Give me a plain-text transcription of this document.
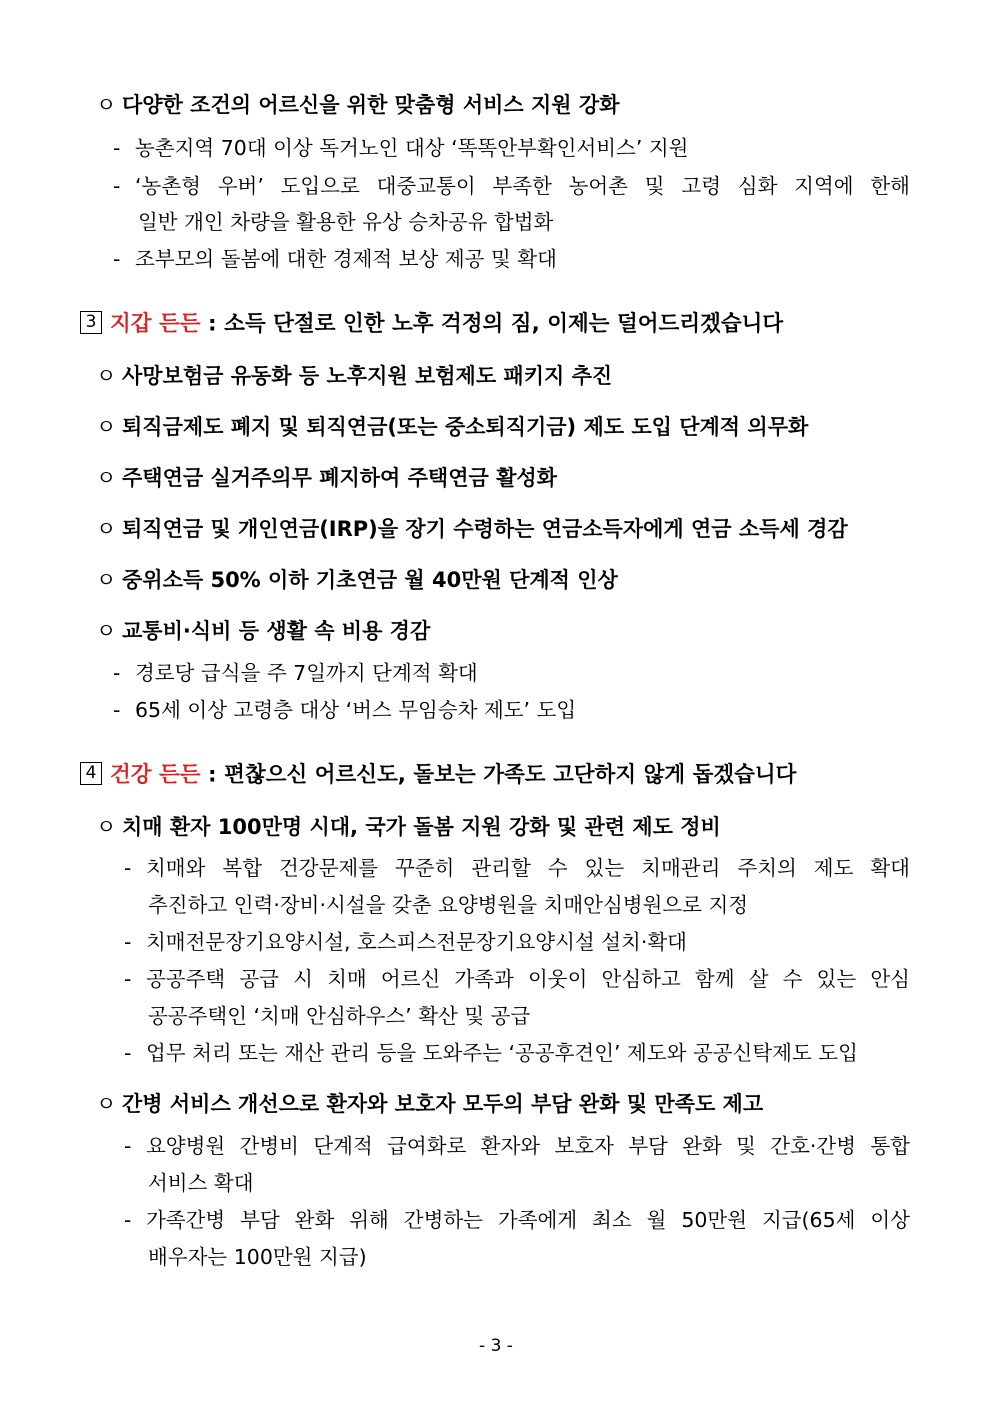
ㅇ 다양한 조건의 어르신을 위한 맞춤형 서비스 지원 강화
- 농촌지역 70대 이상 독거노인 대상 ‘똑똑안부확인서비스’ 지원
- ‘농촌형 우버’ 도입으로 대중교통이 부족한 농어촌 및 고령 심화 지역에 한해
일반 개인 차량을 활용한 유상 승차공유 합법화
- 조부모의 돌봄에 대한 경제적 보상 제공 및 확대
3 지갑 든든 : 소득 단절로 인한 노후 걱정의 짐, 이제는 덜어드리겠습니다
ㅇ 사망보험금 유동화 등 노후지원 보험제도 패키지 추진
ㅇ 퇴직금제도 폐지 및 퇴직연금(또는 중소퇴직기금) 제도 도입 단계적 의무화
ㅇ 주택연금 실거주의무 폐지하여 주택연금 활성화
ㅇ 퇴직연금 및 개인연금(IRP)을 장기 수령하는 연금소득자에게 연금 소득세 경감
ㅇ 중위소득 50% 이하 기초연금 월 40만원 단계적 인상
ㅇ 교통비·식비 등 생활 속 비용 경감
- 경로당 급식을 주 7일까지 단계적 확대
- 65세 이상 고령층 대상 ‘버스 무임승차 제도’ 도입
4 건강 든든 : 편찮으신 어르신도, 돌보는 가족도 고단하지 않게 돕겠습니다
ㅇ 치매 환자 100만명 시대, 국가 돌봄 지원 강화 및 관련 제도 정비
- 치매와 복합 건강문제를 꾸준히 관리할 수 있는 치매관리 주치의 제도 확대
추진하고 인력·장비·시설을 갖춘 요양병원을 치매안심병원으로 지정
- 치매전문장기요양시설, 호스피스전문장기요양시설 설치·확대
- 공공주택 공급 시 치매 어르신 가족과 이웃이 안심하고 함께 살 수 있는 안심
공공주택인 ‘치매 안심하우스’ 확산 및 공급
- 업무 처리 또는 재산 관리 등을 도와주는 ‘공공후견인’ 제도와 공공신탁제도 도입
ㅇ 간병 서비스 개선으로 환자와 보호자 모두의 부담 완화 및 만족도 제고
- 요양병원 간병비 단계적 급여화로 환자와 보호자 부담 완화 및 간호·간병 통합
서비스 확대
- 가족간병 부담 완화 위해 간병하는 가족에게 최소 월 50만원 지급(65세 이상
배우자는 100만원 지급)
- 3 -
